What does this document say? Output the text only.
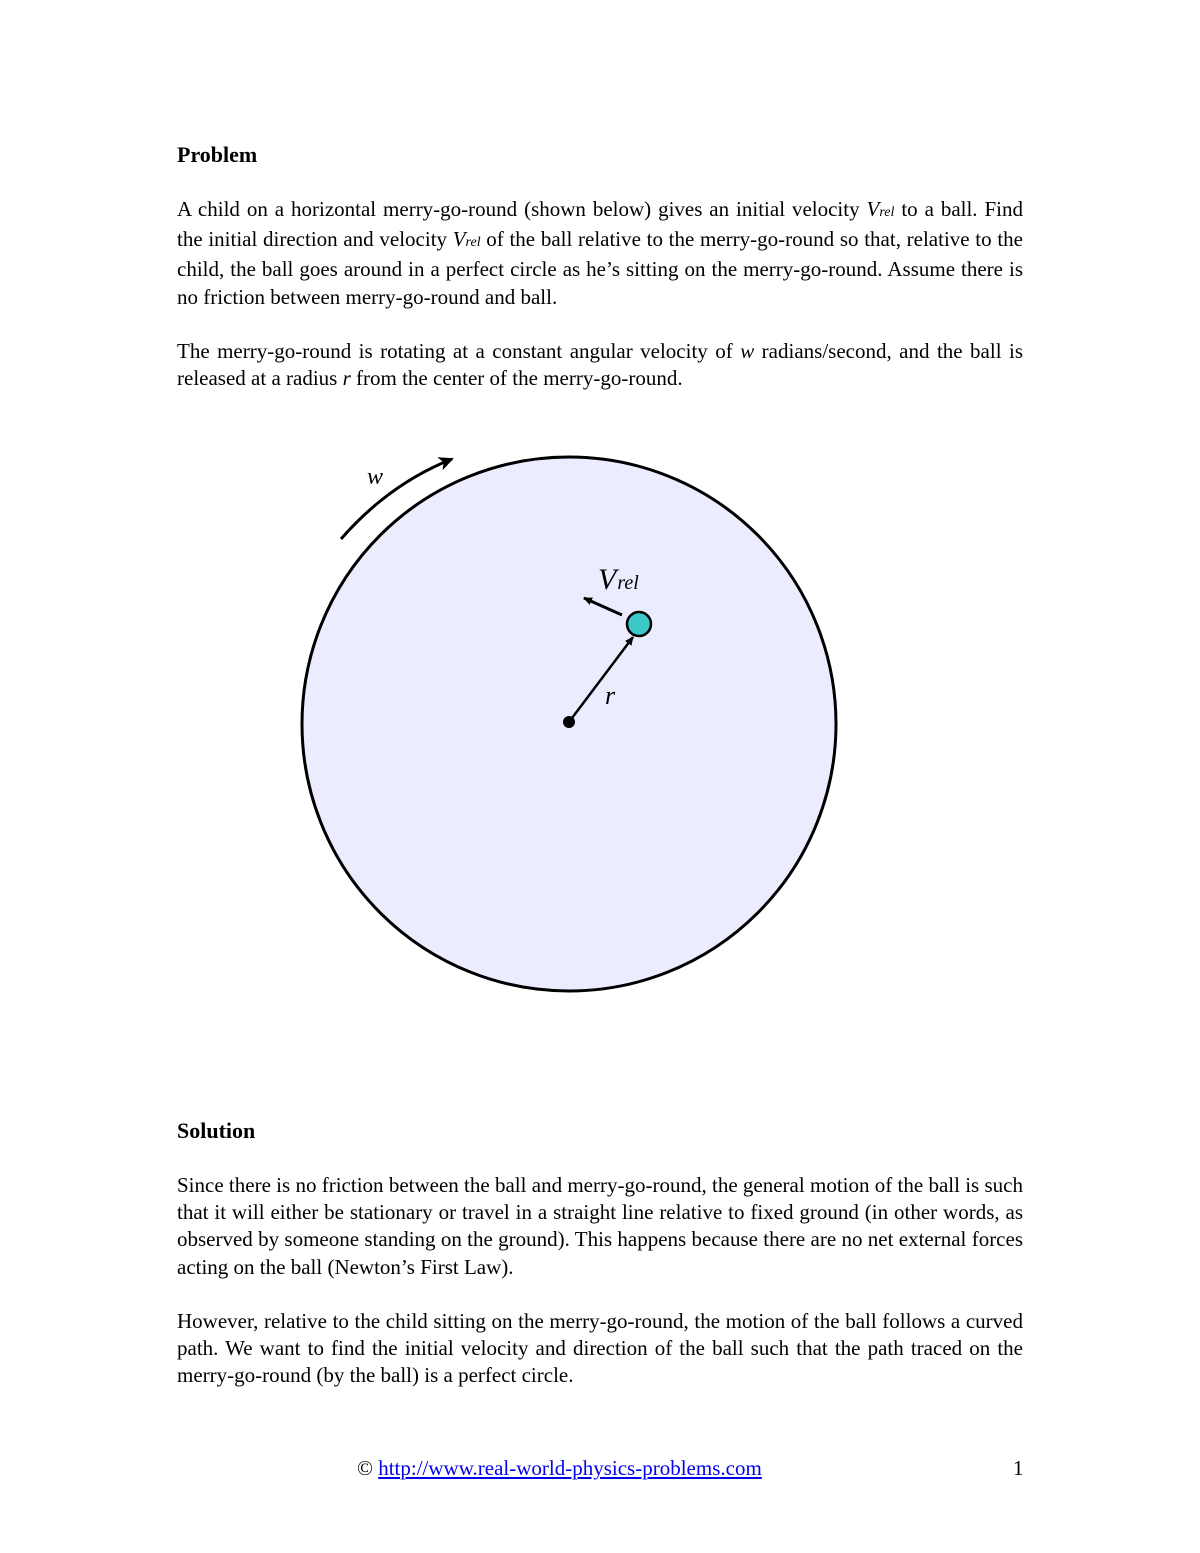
Problem

A child on a horizontal merry-go-round (shown below) gives an initial velocity Vrel to a ball. Find the initial direction and velocity Vrel of the ball relative to the merry-go-round so that, relative to the child, the ball goes around in a perfect circle as he’s sitting on the merry-go-round. Assume there is no friction between merry-go-round and ball.

The merry-go-round is rotating at a constant angular velocity of w radians/second, and the ball is released at a radius r from the center of the merry-go-round.

w
Vrel
r
Solution

Since there is no friction between the ball and merry-go-round, the general motion of the ball is such that it will either be stationary or travel in a straight line relative to fixed ground (in other words, as observed by someone standing on the ground). This happens because there are no net external forces acting on the ball (Newton’s First Law).

However, relative to the child sitting on the merry-go-round, the motion of the ball follows a curved path. We want to find the initial velocity and direction of the ball such that the path traced on the merry-go-round (by the ball) is a perfect circle.

© http://www.real-world-physics-problems.com	1
